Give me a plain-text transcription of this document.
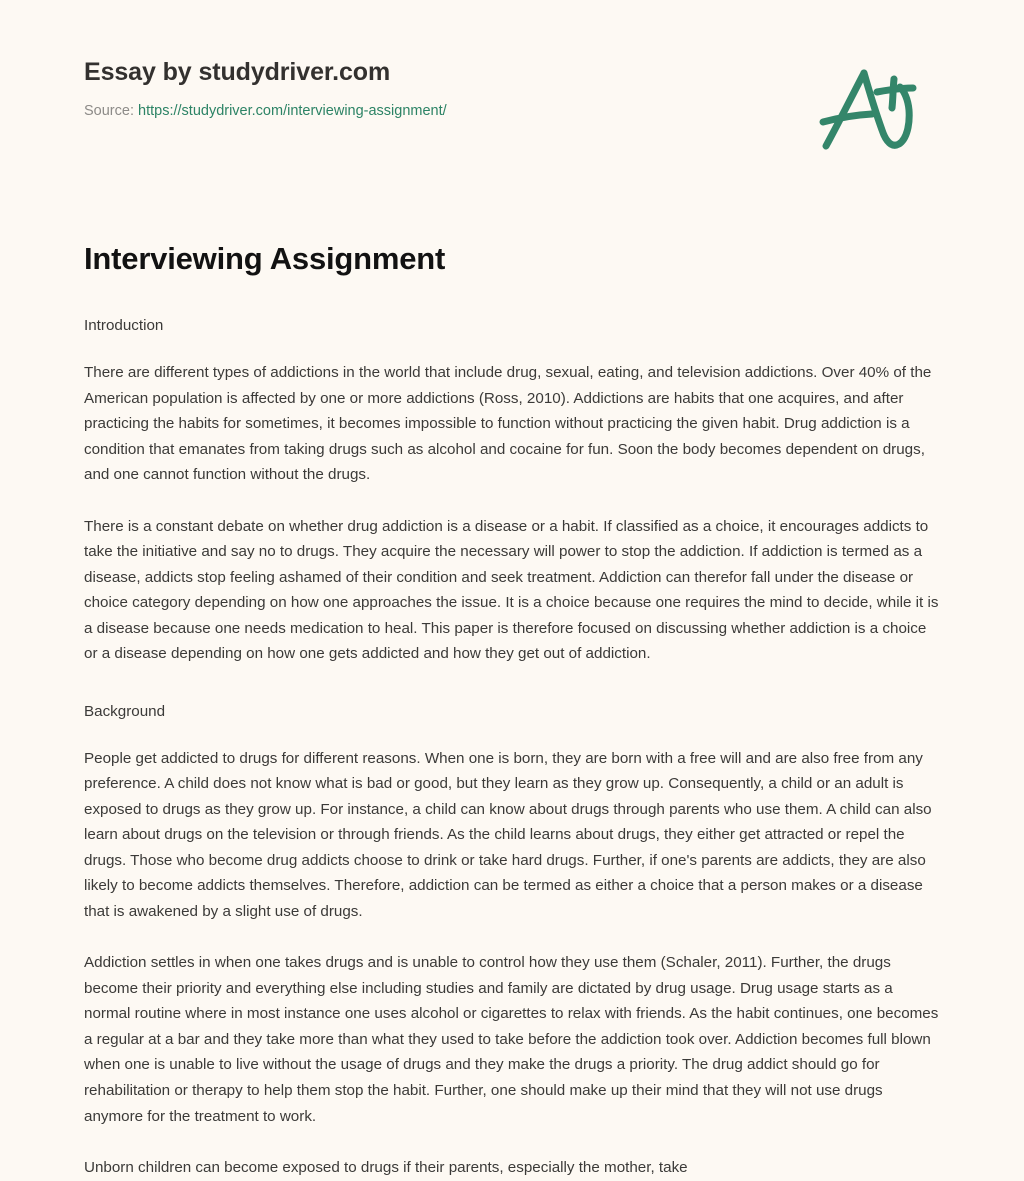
Essay by studydriver.com
Source: https://studydriver.com/interviewing-assignment/
Interviewing Assignment
Introduction

There are different types of addictions in the world that include drug, sexual, eating, and television addictions. Over 40% of the American population is affected by one or more addictions (Ross, 2010). Addictions are habits that one acquires, and after practicing the habits for sometimes, it becomes impossible to function without practicing the given habit. Drug addiction is a condition that emanates from taking drugs such as alcohol and cocaine for fun. Soon the body becomes dependent on drugs, and one cannot function without the drugs.

There is a constant debate on whether drug addiction is a disease or a habit. If classified as a choice, it encourages addicts to take the initiative and say no to drugs. They acquire the necessary will power to stop the addiction. If addiction is termed as a disease, addicts stop feeling ashamed of their condition and seek treatment. Addiction can therefor fall under the disease or choice category depending on how one approaches the issue. It is a choice because one requires the mind to decide, while it is a disease because one needs medication to heal. This paper is therefore focused on discussing whether addiction is a choice or a disease depending on how one gets addicted and how they get out of addiction.

Background

People get addicted to drugs for different reasons. When one is born, they are born with a free will and are also free from any preference. A child does not know what is bad or good, but they learn as they grow up. Consequently, a child or an adult is exposed to drugs as they grow up. For instance, a child can know about drugs through parents who use them. A child can also learn about drugs on the television or through friends. As the child learns about drugs, they either get attracted or repel the drugs. Those who become drug addicts choose to drink or take hard drugs. Further, if one's parents are addicts, they are also likely to become addicts themselves. Therefore, addiction can be termed as either a choice that a person makes or a disease that is awakened by a slight use of drugs.

Addiction settles in when one takes drugs and is unable to control how they use them (Schaler, 2011). Further, the drugs become their priority and everything else including studies and family are dictated by drug usage. Drug usage starts as a normal routine where in most instance one uses alcohol or cigarettes to relax with friends. As the habit continues, one becomes a regular at a bar and they take more than what they used to take before the addiction took over. Addiction becomes full blown when one is unable to live without the usage of drugs and they make the drugs a priority. The drug addict should go for rehabilitation or therapy to help them stop the habit. Further, one should make up their mind that they will not use drugs anymore for the treatment to work.

Unborn children can become exposed to drugs if their parents, especially the mother, take
